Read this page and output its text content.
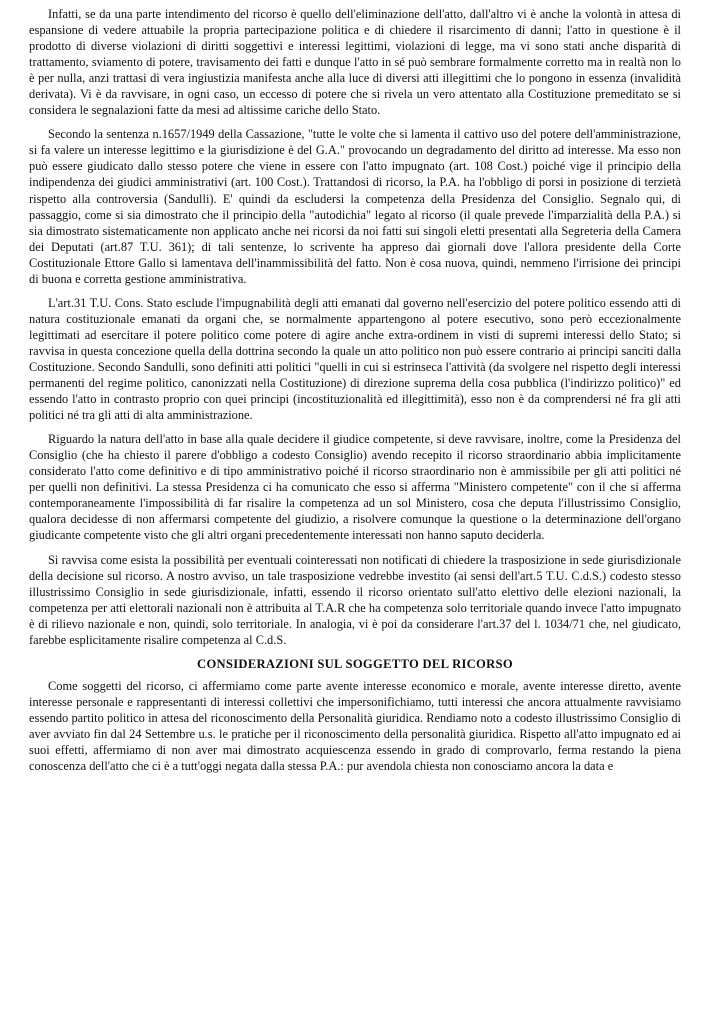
Infatti, se da una parte intendimento del ricorso è quello dell'eliminazione dell'atto, dall'altro vi è anche la volontà in attesa di espansione di vedere attuabile la propria partecipazione politica e di chiedere il risarcimento di danni; l'atto in questione è il prodotto di diverse violazioni di diritti soggettivi e interessi legittimi, violazioni di legge, ma vi sono stati anche disparità di trattamento, sviamento di potere, travisamento dei fatti e dunque l'atto in sé può sembrare formalmente corretto ma in realtà non lo è per nulla, anzi trattasi di vera ingiustizia manifesta anche alla luce di diversi atti illegittimi che lo pongono in essenza (invalidità derivata). Vi è da ravvisare, in ogni caso, un eccesso di potere che si rivela un vero attentato alla Costituzione premeditato se si considera le segnalazioni fatte da mesi ad altissime cariche dello Stato.

Secondo la sentenza n.1657/1949 della Cassazione, "tutte le volte che si lamenta il cattivo uso del potere dell'amministrazione, si fa valere un interesse legittimo e la giurisdizione è del G.A." provocando un degradamento del diritto ad interesse. Ma esso non può essere giudicato dallo stesso potere che viene in essere con l'atto impugnato (art. 108 Cost.) poiché vige il principio della indipendenza dei giudici amministrativi (art. 100 Cost.). Trattandosi di ricorso, la P.A. ha l'obbligo di porsi in posizione di terzietà rispetto alla controversia (Sandulli). E' quindi da escludersi la competenza della Presidenza del Consiglio. Segnalo qui, di passaggio, come si sia dimostrato che il principio della "autodichia" legato al ricorso (il quale prevede l'imparzialità della P.A.) si sia dimostrato sistematicamente non applicato anche nei ricorsi da noi fatti sui singoli eletti presentati alla Segreteria della Camera dei Deputati (art.87 T.U. 361); di tali sentenze, lo scrivente ha appreso dai giornali dove l'allora presidente della Corte Costituzionale Ettore Gallo si lamentava dell'inammissibilità del fatto. Non è cosa nuova, quindi, nemmeno l'irrisione dei principi di buona e corretta gestione amministrativa.

L'art.31 T.U. Cons. Stato esclude l'impugnabilità degli atti emanati dal governo nell'esercizio del potere politico essendo atti di natura costituzionale emanati da organi che, se normalmente appartengono al potere esecutivo, sono però eccezionalmente legittimati ad esercitare il potere politico come potere di agire anche extra-ordinem in visti di supremi interessi dello Stato; si ravvisa in questa concezione quella della dottrina secondo la quale un atto politico non può essere contrario ai principi sanciti dalla Costituzione. Secondo Sandulli, sono definiti atti politici "quelli in cui si estrinseca l'attività (da svolgere nel rispetto degli interessi permanenti del regime politico, canonizzati nella Costituzione) di direzione suprema della cosa pubblica (l'indirizzo politico)" ed essendo l'atto in contrasto proprio con quei principi (incostituzionalità ed illegittimità), esso non è da comprendersi né fra gli atti politici né tra gli atti di alta amministrazione.

Riguardo la natura dell'atto in base alla quale decidere il giudice competente, si deve ravvisare, inoltre, come la Presidenza del Consiglio (che ha chiesto il parere d'obbligo a codesto Consiglio) avendo recepito il ricorso straordinario abbia implicitamente considerato l'atto come definitivo e di tipo amministrativo poiché il ricorso straordinario non è ammissibile per gli atti politici né per quelli non definitivi. La stessa Presidenza ci ha comunicato che esso si afferma "Ministero competente" con il che si afferma contemporaneamente l'impossibilità di far risalire la competenza ad un sol Ministero, cosa che deputa l'illustrissimo Consiglio, qualora decidesse di non affermarsi competente del giudizio, a risolvere comunque la questione o la determinazione dell'organo giudicante competente visto che gli altri organi precedentemente interessati non hanno saputo deciderla.

Si ravvisa come esista la possibilità per eventuali cointeressati non notificati di chiedere la trasposizione in sede giurisdizionale della decisione sul ricorso. A nostro avviso, un tale trasposizione vedrebbe investito (ai sensi dell'art.5 T.U. C.d.S.) codesto stesso illustrissimo Consiglio in sede giurisdizionale, infatti, essendo il ricorso orientato sull'atto elettivo delle elezioni nazionali, la competenza per atti elettorali nazionali non è attribuita al T.A.R che ha competenza solo territoriale quando invece l'atto impugnato è di rilievo nazionale e non, quindi, solo territoriale. In analogia, vi è poi da considerare l'art.37 del l. 1034/71 che, nel giudicato, farebbe esplicitamente risalire competenza al C.d.S.

CONSIDERAZIONI SUL SOGGETTO DEL RICORSO

Come soggetti del ricorso, ci affermiamo come parte avente interesse economico e morale, avente interesse diretto, avente interesse personale e rappresentanti di interessi collettivi che impersonifichiamo, tutti interessi che ancora attualmente ravvisiamo essendo partito politico in attesa del riconoscimento della Personalità giuridica. Rendiamo noto a codesto illustrissimo Consiglio di aver avviato fin dal 24 Settembre u.s. le pratiche per il riconoscimento della personalità giuridica. Rispetto all'atto impugnato ed ai suoi effetti, affermiamo di non aver mai dimostrato acquiescenza essendo in grado di comprovarlo, ferma restando la piena conoscenza dell'atto che ci è a tutt'oggi negata dalla stessa P.A.: pur avendola chiesta non conosciamo ancora la data e
